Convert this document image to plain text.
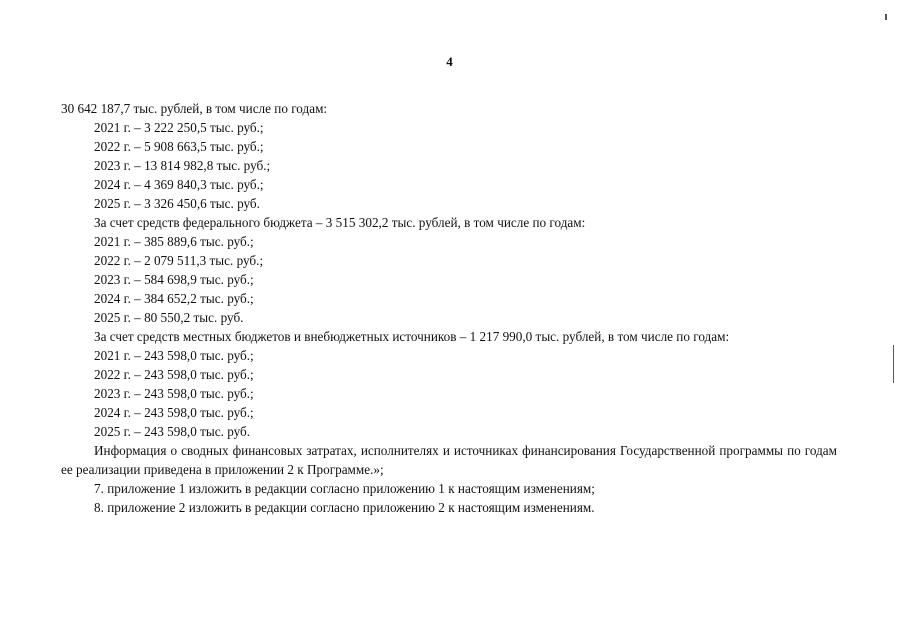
4
30 642 187,7 тыс. рублей, в том числе по годам:
2021 г. – 3 222 250,5 тыс. руб.;
2022 г. – 5 908 663,5 тыс. руб.;
2023 г. – 13 814 982,8 тыс. руб.;
2024 г. – 4 369 840,3 тыс. руб.;
2025 г. – 3 326 450,6 тыс. руб.
За счет средств федерального бюджета – 3 515 302,2 тыс. рублей, в том числе по годам:
2021 г. – 385 889,6 тыс. руб.;
2022 г. – 2 079 511,3 тыс. руб.;
2023 г. – 584 698,9 тыс. руб.;
2024 г. – 384 652,2 тыс. руб.;
2025 г. – 80 550,2 тыс. руб.
За счет средств местных бюджетов и внебюджетных источников – 1 217 990,0 тыс. рублей, в том числе по годам:
2021 г. – 243 598,0 тыс. руб.;
2022 г. – 243 598,0 тыс. руб.;
2023 г. – 243 598,0 тыс. руб.;
2024 г. – 243 598,0 тыс. руб.;
2025 г. – 243 598,0 тыс. руб.
Информация о сводных финансовых затратах, исполнителях и источниках финансирования Государственной программы по годам ее реализации приведена в приложении 2 к Программе.»;
7. приложение 1 изложить в редакции согласно приложению 1 к настоящим изменениям;
8. приложение 2 изложить в редакции согласно приложению 2 к настоящим изменениям.
